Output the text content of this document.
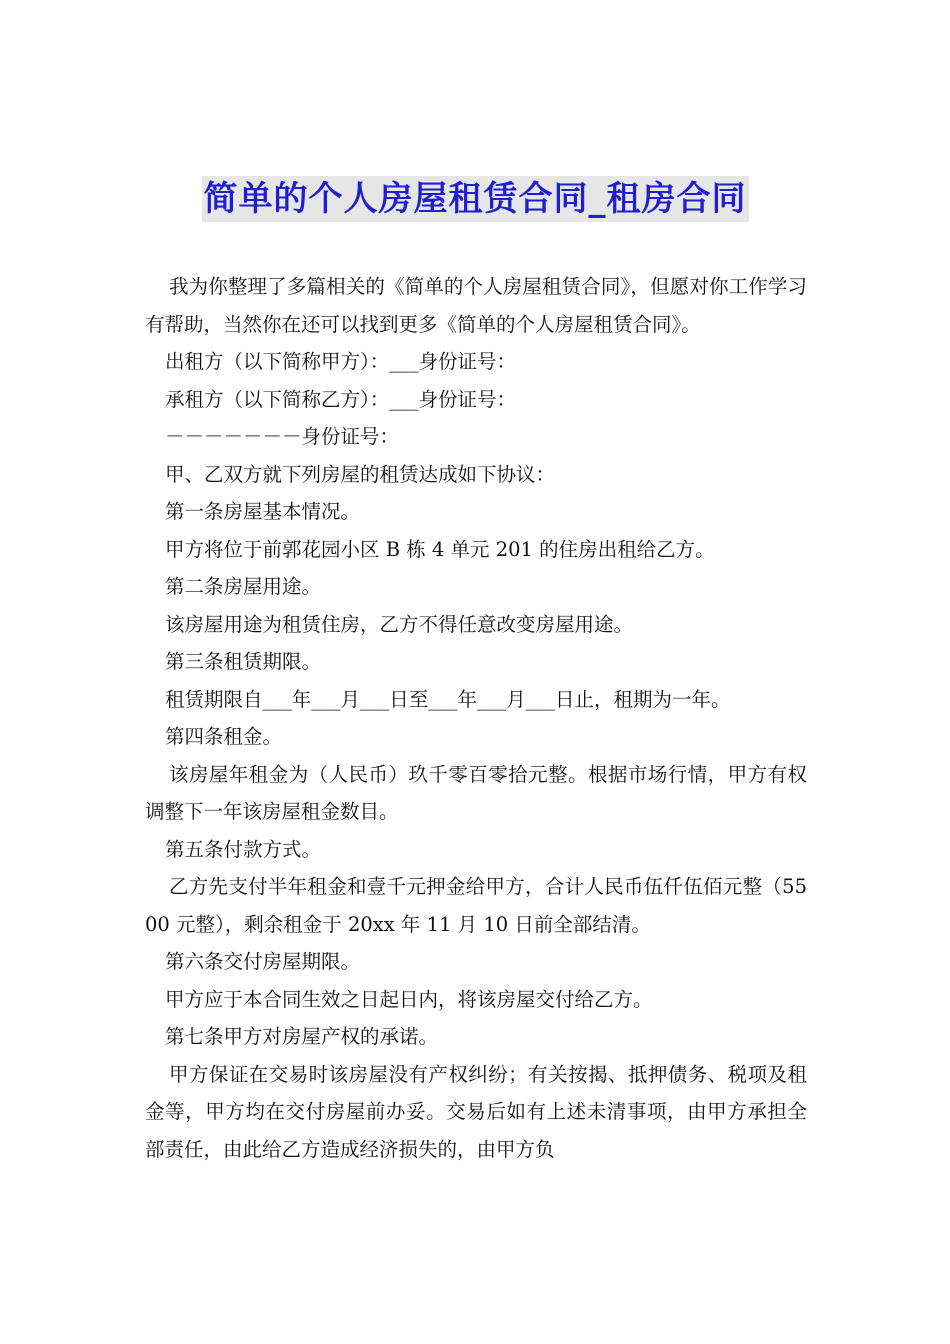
简单的个人房屋租赁合同_租房合同

我为你整理了多篇相关的《简单的个人房屋租赁合同》，但愿对你工作学习有帮助，当然你在还可以找到更多《简单的个人房屋租赁合同》。

出租方（以下简称甲方）：___身份证号：

承租方（以下简称乙方）：___身份证号：

－－－－－－－身份证号：

甲、乙双方就下列房屋的租赁达成如下协议：

第一条房屋基本情况。

甲方将位于前郭花园小区 B 栋 4 单元 201 的住房出租给乙方。

第二条房屋用途。

该房屋用途为租赁住房，乙方不得任意改变房屋用途。

第三条租赁期限。

租赁期限自___年___月___日至___年___月___日止，租期为一年。

第四条租金。

该房屋年租金为（人民币）玖千零百零拾元整。根据市场行情，甲方有权调整下一年该房屋租金数目。

第五条付款方式。

乙方先支付半年租金和壹千元押金给甲方，合计人民币伍仟伍佰元整（5500 元整），剩余租金于 20xx 年 11 月 10 日前全部结清。

第六条交付房屋期限。

甲方应于本合同生效之日起日内，将该房屋交付给乙方。

第七条甲方对房屋产权的承诺。

甲方保证在交易时该房屋没有产权纠纷；有关按揭、抵押债务、税项及租金等，甲方均在交付房屋前办妥。交易后如有上述未清事项，由甲方承担全部责任，由此给乙方造成经济损失的，由甲方负
